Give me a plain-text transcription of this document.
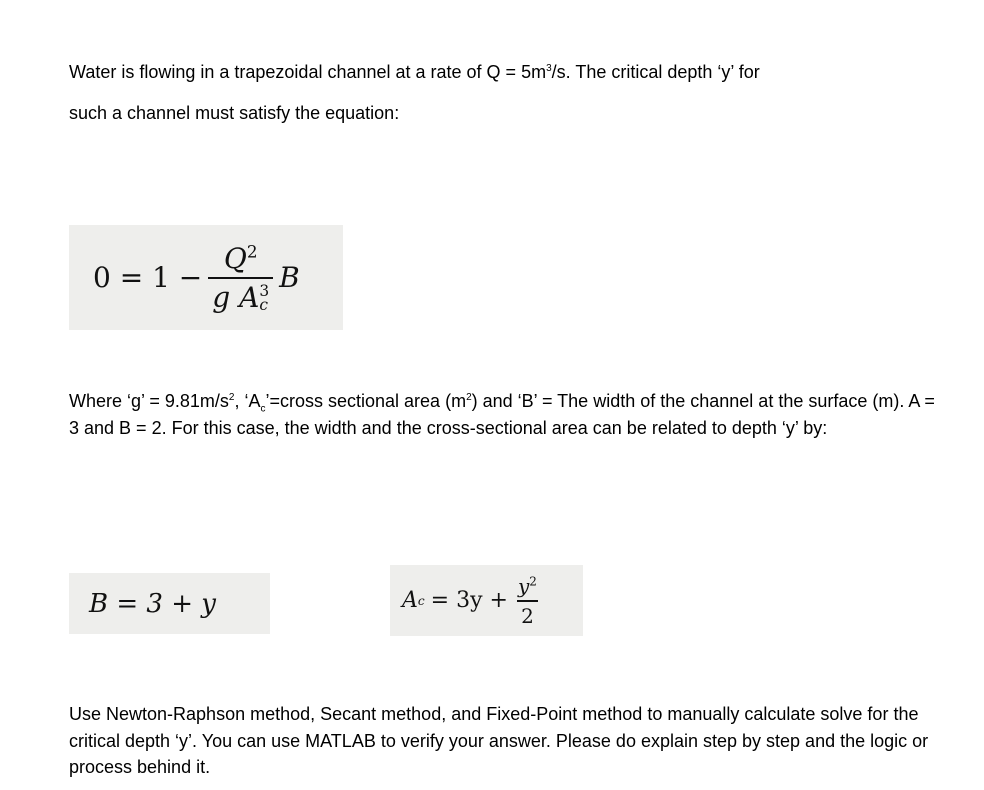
Water is flowing in a trapezoidal channel at a rate of $Q = 5m^3/s$. The critical depth ‘y’ for

such a channel must satisfy the equation:

$0 = 1 - Q^2$
g A 3
c B

Where ‘g’ = $9.81m/s^2$, ‘$A_c’=cross$ sectional area $(m^2)$ and ‘B’ = The width of the channel at the surface (m). A = 3 and B = 2. For this case, the width and the cross-sectional area can be related to depth ‘y’ by:

B = 3 + y	A $c = 3y + \frac{y^2}{2}$

Use Newton-Raphson method, Secant method, and Fixed-Point method to manually calculate solve for the critical depth ‘y’. You can use MATLAB to verify your answer. Please do explain step by step and the logic or process behind it.
